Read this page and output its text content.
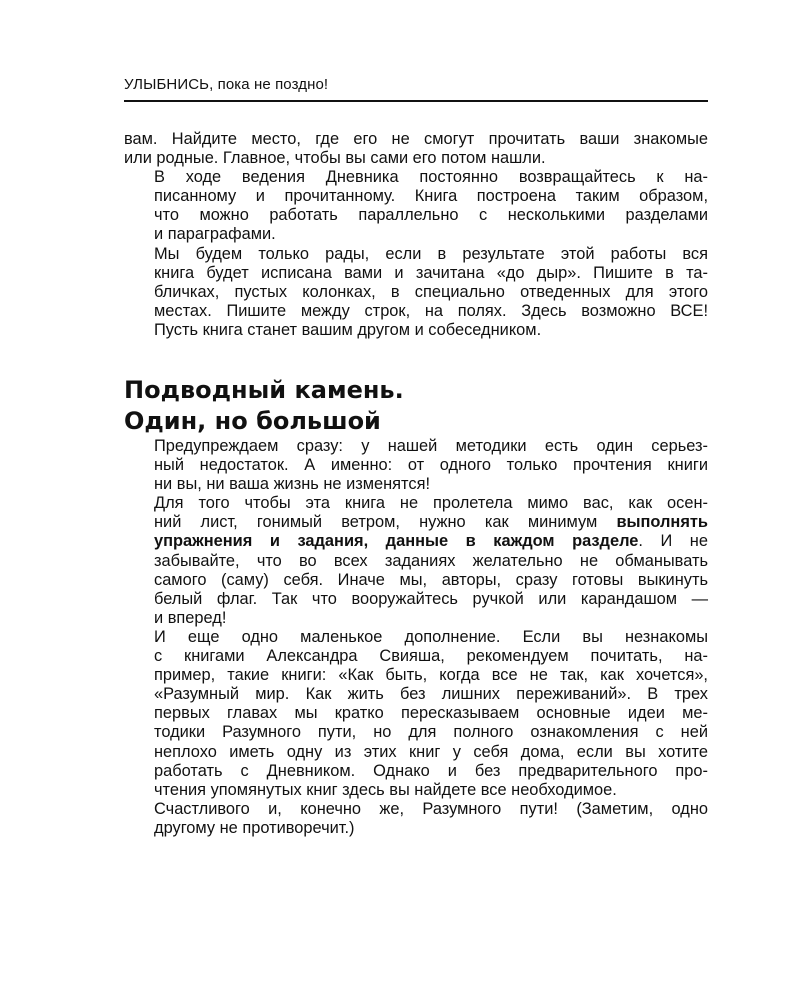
УЛЫБНИСЬ, пока не поздно!

вам. Найдите место, где его не смогут прочитать ваши знакомые
или родные. Главное, чтобы вы сами его потом нашли.

В ходе ведения Дневника постоянно возвращайтесь к на-
писанному и прочитанному. Книга построена таким образом,
что можно работать параллельно с несколькими разделами
и параграфами.

Мы будем только рады, если в результате этой работы вся
книга будет исписана вами и зачитана «до дыр». Пишите в та-
бличках, пустых колонках, в специально отведенных для этого
местах. Пишите между строк, на полях. Здесь возможно ВСЕ!
Пусть книга станет вашим другом и собеседником.

Подводный камень.
Один, но большой

Предупреждаем сразу: у нашей методики есть один серьез-
ный недостаток. А именно: от одного только прочтения книги
ни вы, ни ваша жизнь не изменятся!

Для того чтобы эта книга не пролетела мимо вас, как осен-
ний лист, гонимый ветром, нужно как минимум выполнять
упражнения и задания, данные в каждом разделе. И не
забывайте, что во всех заданиях желательно не обманывать
самого (саму) себя. Иначе мы, авторы, сразу готовы выкинуть
белый флаг. Так что вооружайтесь ручкой или карандашом —
и вперед!

И еще одно маленькое дополнение. Если вы незнакомы
с книгами Александра Свияша, рекомендуем почитать, на-
пример, такие книги: «Как быть, когда все не так, как хочется»,
«Разумный мир. Как жить без лишних переживаний». В трех
первых главах мы кратко пересказываем основные идеи ме-
тодики Разумного пути, но для полного ознакомления с ней
неплохо иметь одну из этих книг у себя дома, если вы хотите
работать с Дневником. Однако и без предварительного про-
чтения упомянутых книг здесь вы найдете все необходимое.

Счастливого и, конечно же, Разумного пути! (Заметим, одно
другому не противоречит.)
